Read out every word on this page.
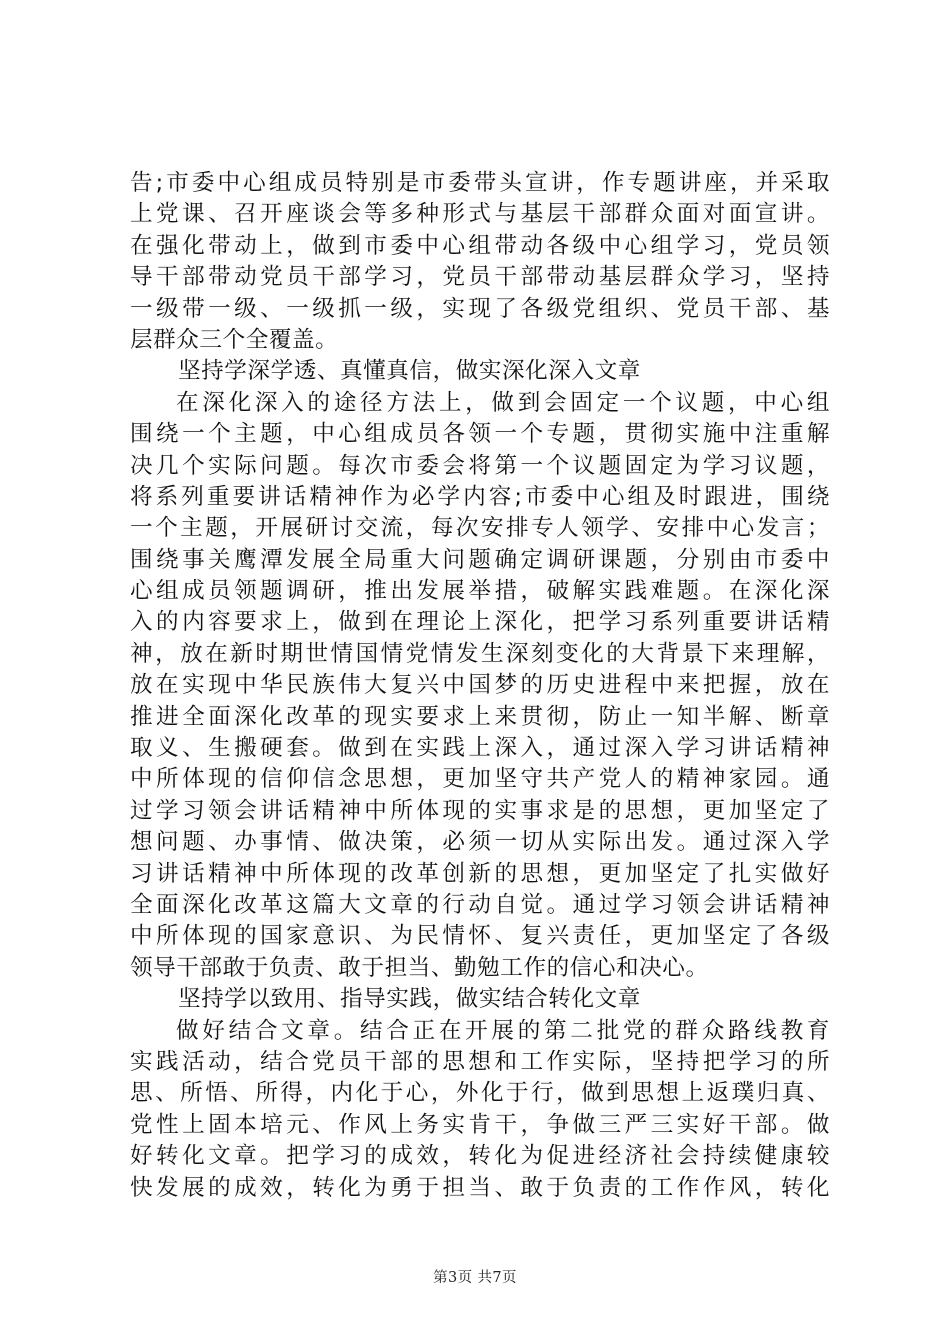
告;市委中心组成员特别是市委带头宣讲，作专题讲座，并采取
上党课、召开座谈会等多种形式与基层干部群众面对面宣讲。
在强化带动上，做到市委中心组带动各级中心组学习，党员领
导干部带动党员干部学习，党员干部带动基层群众学习，坚持
一级带一级、一级抓一级，实现了各级党组织、党员干部、基
层群众三个全覆盖。
坚持学深学透、真懂真信，做实深化深入文章
在深化深入的途径方法上，做到会固定一个议题，中心组
围绕一个主题，中心组成员各领一个专题，贯彻实施中注重解
决几个实际问题。每次市委会将第一个议题固定为学习议题，
将系列重要讲话精神作为必学内容;市委中心组及时跟进，围绕
一个主题，开展研讨交流，每次安排专人领学、安排中心发言；
围绕事关鹰潭发展全局重大问题确定调研课题，分别由市委中
心组成员领题调研，推出发展举措，破解实践难题。在深化深
入的内容要求上，做到在理论上深化，把学习系列重要讲话精
神，放在新时期世情国情党情发生深刻变化的大背景下来理解，
放在实现中华民族伟大复兴中国梦的历史进程中来把握，放在
推进全面深化改革的现实要求上来贯彻，防止一知半解、断章
取义、生搬硬套。做到在实践上深入，通过深入学习讲话精神
中所体现的信仰信念思想，更加坚守共产党人的精神家园。通
过学习领会讲话精神中所体现的实事求是的思想，更加坚定了
想问题、办事情、做决策，必须一切从实际出发。通过深入学
习讲话精神中所体现的改革创新的思想，更加坚定了扎实做好
全面深化改革这篇大文章的行动自觉。通过学习领会讲话精神
中所体现的国家意识、为民情怀、复兴责任，更加坚定了各级
领导干部敢于负责、敢于担当、勤勉工作的信心和决心。
坚持学以致用、指导实践，做实结合转化文章
做好结合文章。结合正在开展的第二批党的群众路线教育
实践活动，结合党员干部的思想和工作实际，坚持把学习的所
思、所悟、所得，内化于心，外化于行，做到思想上返璞归真、
党性上固本培元、作风上务实肯干，争做三严三实好干部。做
好转化文章。把学习的成效，转化为促进经济社会持续健康较
快发展的成效，转化为勇于担当、敢于负责的工作作风，转化
第3页 共7页
